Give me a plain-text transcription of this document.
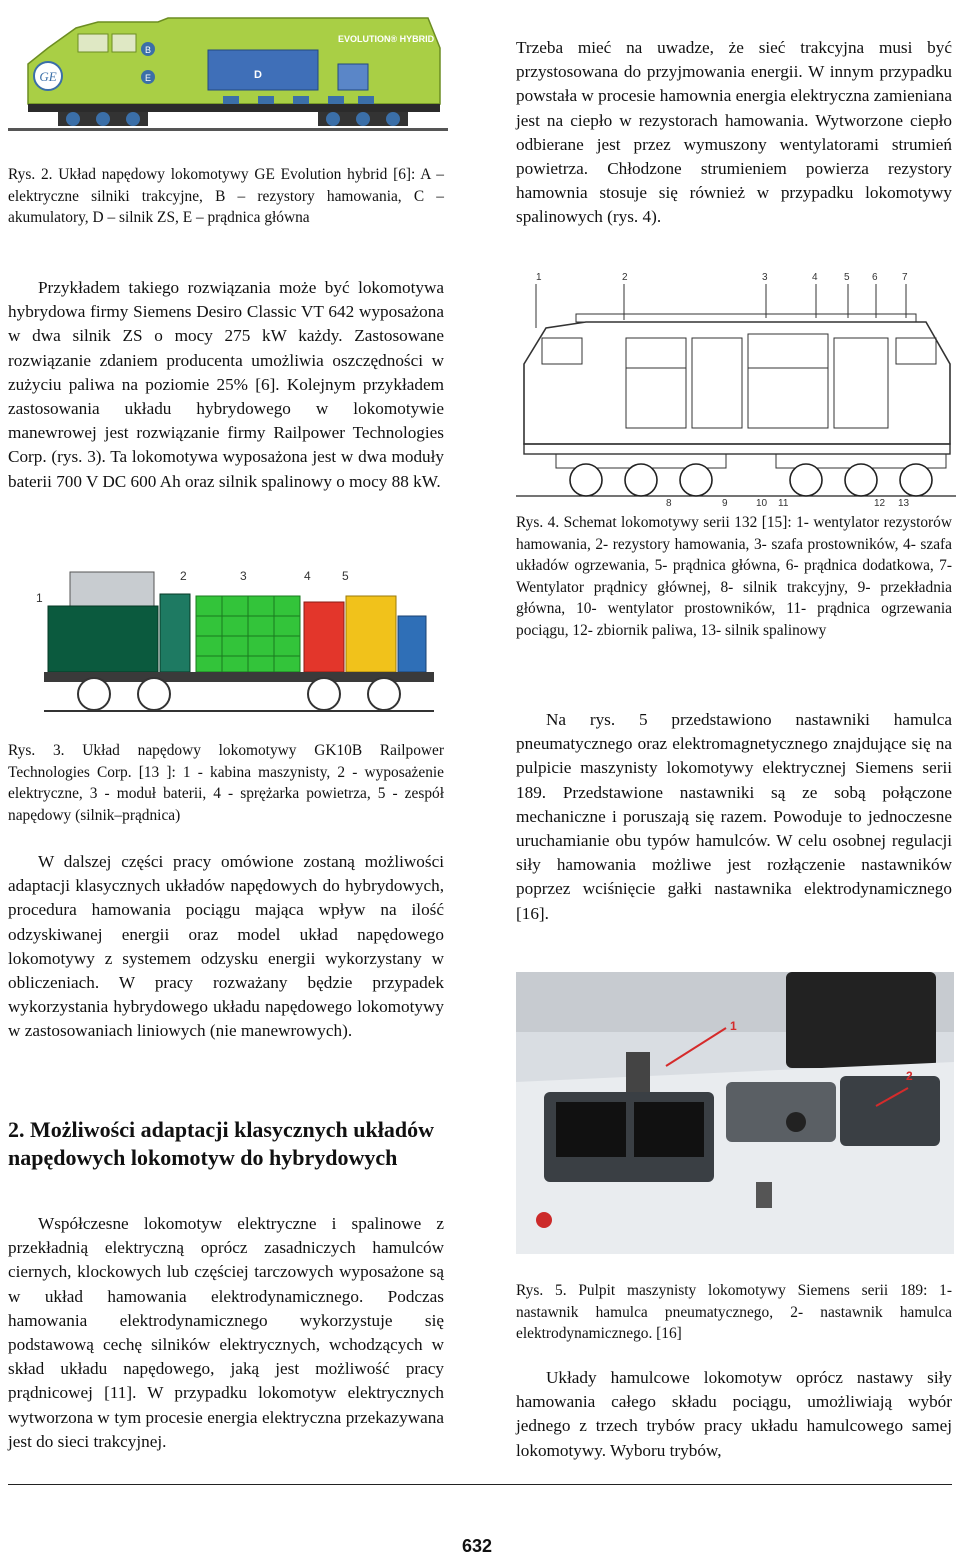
GE
EVOLUTION® HYBRID
D
B
E

Rys. 2. Układ napędowy lokomotywy GE Evolution hybrid [6]: A – elektryczne silniki trakcyjne, B – rezystory hamowania, C – akumulatory, D – silnik ZS, E – prądnica główna

Przykładem takiego rozwiązania może być lokomotywa hybrydowa firmy Siemens Desiro Classic VT 642 wyposażona w dwa silnik ZS o mocy 275 kW każdy. Zastosowane rozwiązanie zdaniem producenta umożliwia oszczędności w zużyciu paliwa na poziomie 25% [6]. Kolejnym przykładem zastosowania układu hybrydowego w lokomotywie manewrowej jest rozwiązanie firmy Railpower Technologies Corp. (rys. 3). Ta lokomotywa wyposażona jest w dwa moduły baterii 700 V DC 600 Ah oraz silnik spalinowy o mocy 88 kW.

1
2	3	4	5

Rys. 3. Układ napędowy lokomotywy GK10B Railpower Technologies Corp. [13 ]: 1 - kabina maszynisty, 2 - wyposażenie elektryczne, 3 - moduł baterii, 4 - sprężarka powietrza, 5 - zespół napędowy (silnik–prądnica)

W dalszej części pracy omówione zostaną możliwości adaptacji klasycznych układów napędowych do hybrydowych, procedura hamowania pociągu mająca wpływ na ilość odzyskiwanej energii oraz model układ napędowego lokomotywy z systemem odzysku energii wykorzystany w obliczeniach. W pracy rozważany będzie przypadek wykorzystania hybrydowego układu napędowego lokomotywy w zastosowaniach liniowych (nie manewrowych).

2. Możliwości adaptacji klasycznych układów napędowych lokomotyw do hybrydowych

Współczesne lokomotyw elektryczne i spalinowe z przekładnią elektryczną oprócz zasadniczych hamulców ciernych, klockowych lub częściej tarczowych wyposażone są w układ hamowania elektrodynamicznego. Podczas hamowania elektrodynamicznego wykorzystuje się podstawową cechę silników elektrycznych, wchodzących w skład układu napędowego, jaką jest możliwość pracy prądnicowej [11]. W przypadku lokomotyw elektrycznych wytworzona w tym procesie energia elektryczna przekazywana jest do sieci trakcyjnej.

Trzeba mieć na uwadze, że sieć trakcyjna musi być przystosowana do przyjmowania energii. W innym przypadku powstała w procesie hamownia energia elektryczna zamieniana jest na ciepło w rezystorach hamowania. Wytworzone ciepło odbierane jest przez wymuszony wentylatorami strumień powietrza. Chłodzone strumieniem powierza rezystory hamownia stosuje się również w przypadku lokomotywy spalinowych (rys. 4).

1	2	3	4	5 6 7
8	9	10 11	12 13

Rys. 4. Schemat lokomotywy serii 132 [15]: 1- wentylator rezystorów hamowania, 2- rezystory hamowania, 3- szafa prostowników, 4- szafa układów ogrzewania, 5- prądnica główna, 6- prądnica dodatkowa, 7- Wentylator prądnicy głównej, 8- silnik trakcyjny, 9- przekładnia główna, 10- wentylator prostowników, 11- prądnica ogrzewania pociągu, 12- zbiornik paliwa, 13- silnik spalinowy

Na rys. 5 przedstawiono nastawniki hamulca pneumatycznego oraz elektromagnetycznego znajdujące się na pulpicie maszynisty lokomotywy elektrycznej Siemens serii 189. Przedstawione nastawniki są ze sobą połączone mechaniczne i poruszają się razem. Powoduje to jednoczesne uruchamianie obu typów hamulców. W celu osobnej regulacji siły hamowania możliwe jest rozłączenie nastawników poprzez wciśnięcie gałki nastawnika elektrodynamicznego [16].

1
2

Rys. 5. Pulpit maszynisty lokomotywy Siemens serii 189: 1- nastawnik hamulca pneumatycznego, 2- nastawnik hamulca elektrodynamicznego. [16]

Układy hamulcowe lokomotyw oprócz nastawy siły hamowania całego składu pociągu, umożliwiają wybór jednego z trzech trybów pracy układu hamulcowego samej lokomotywy. Wyboru trybów,

632
